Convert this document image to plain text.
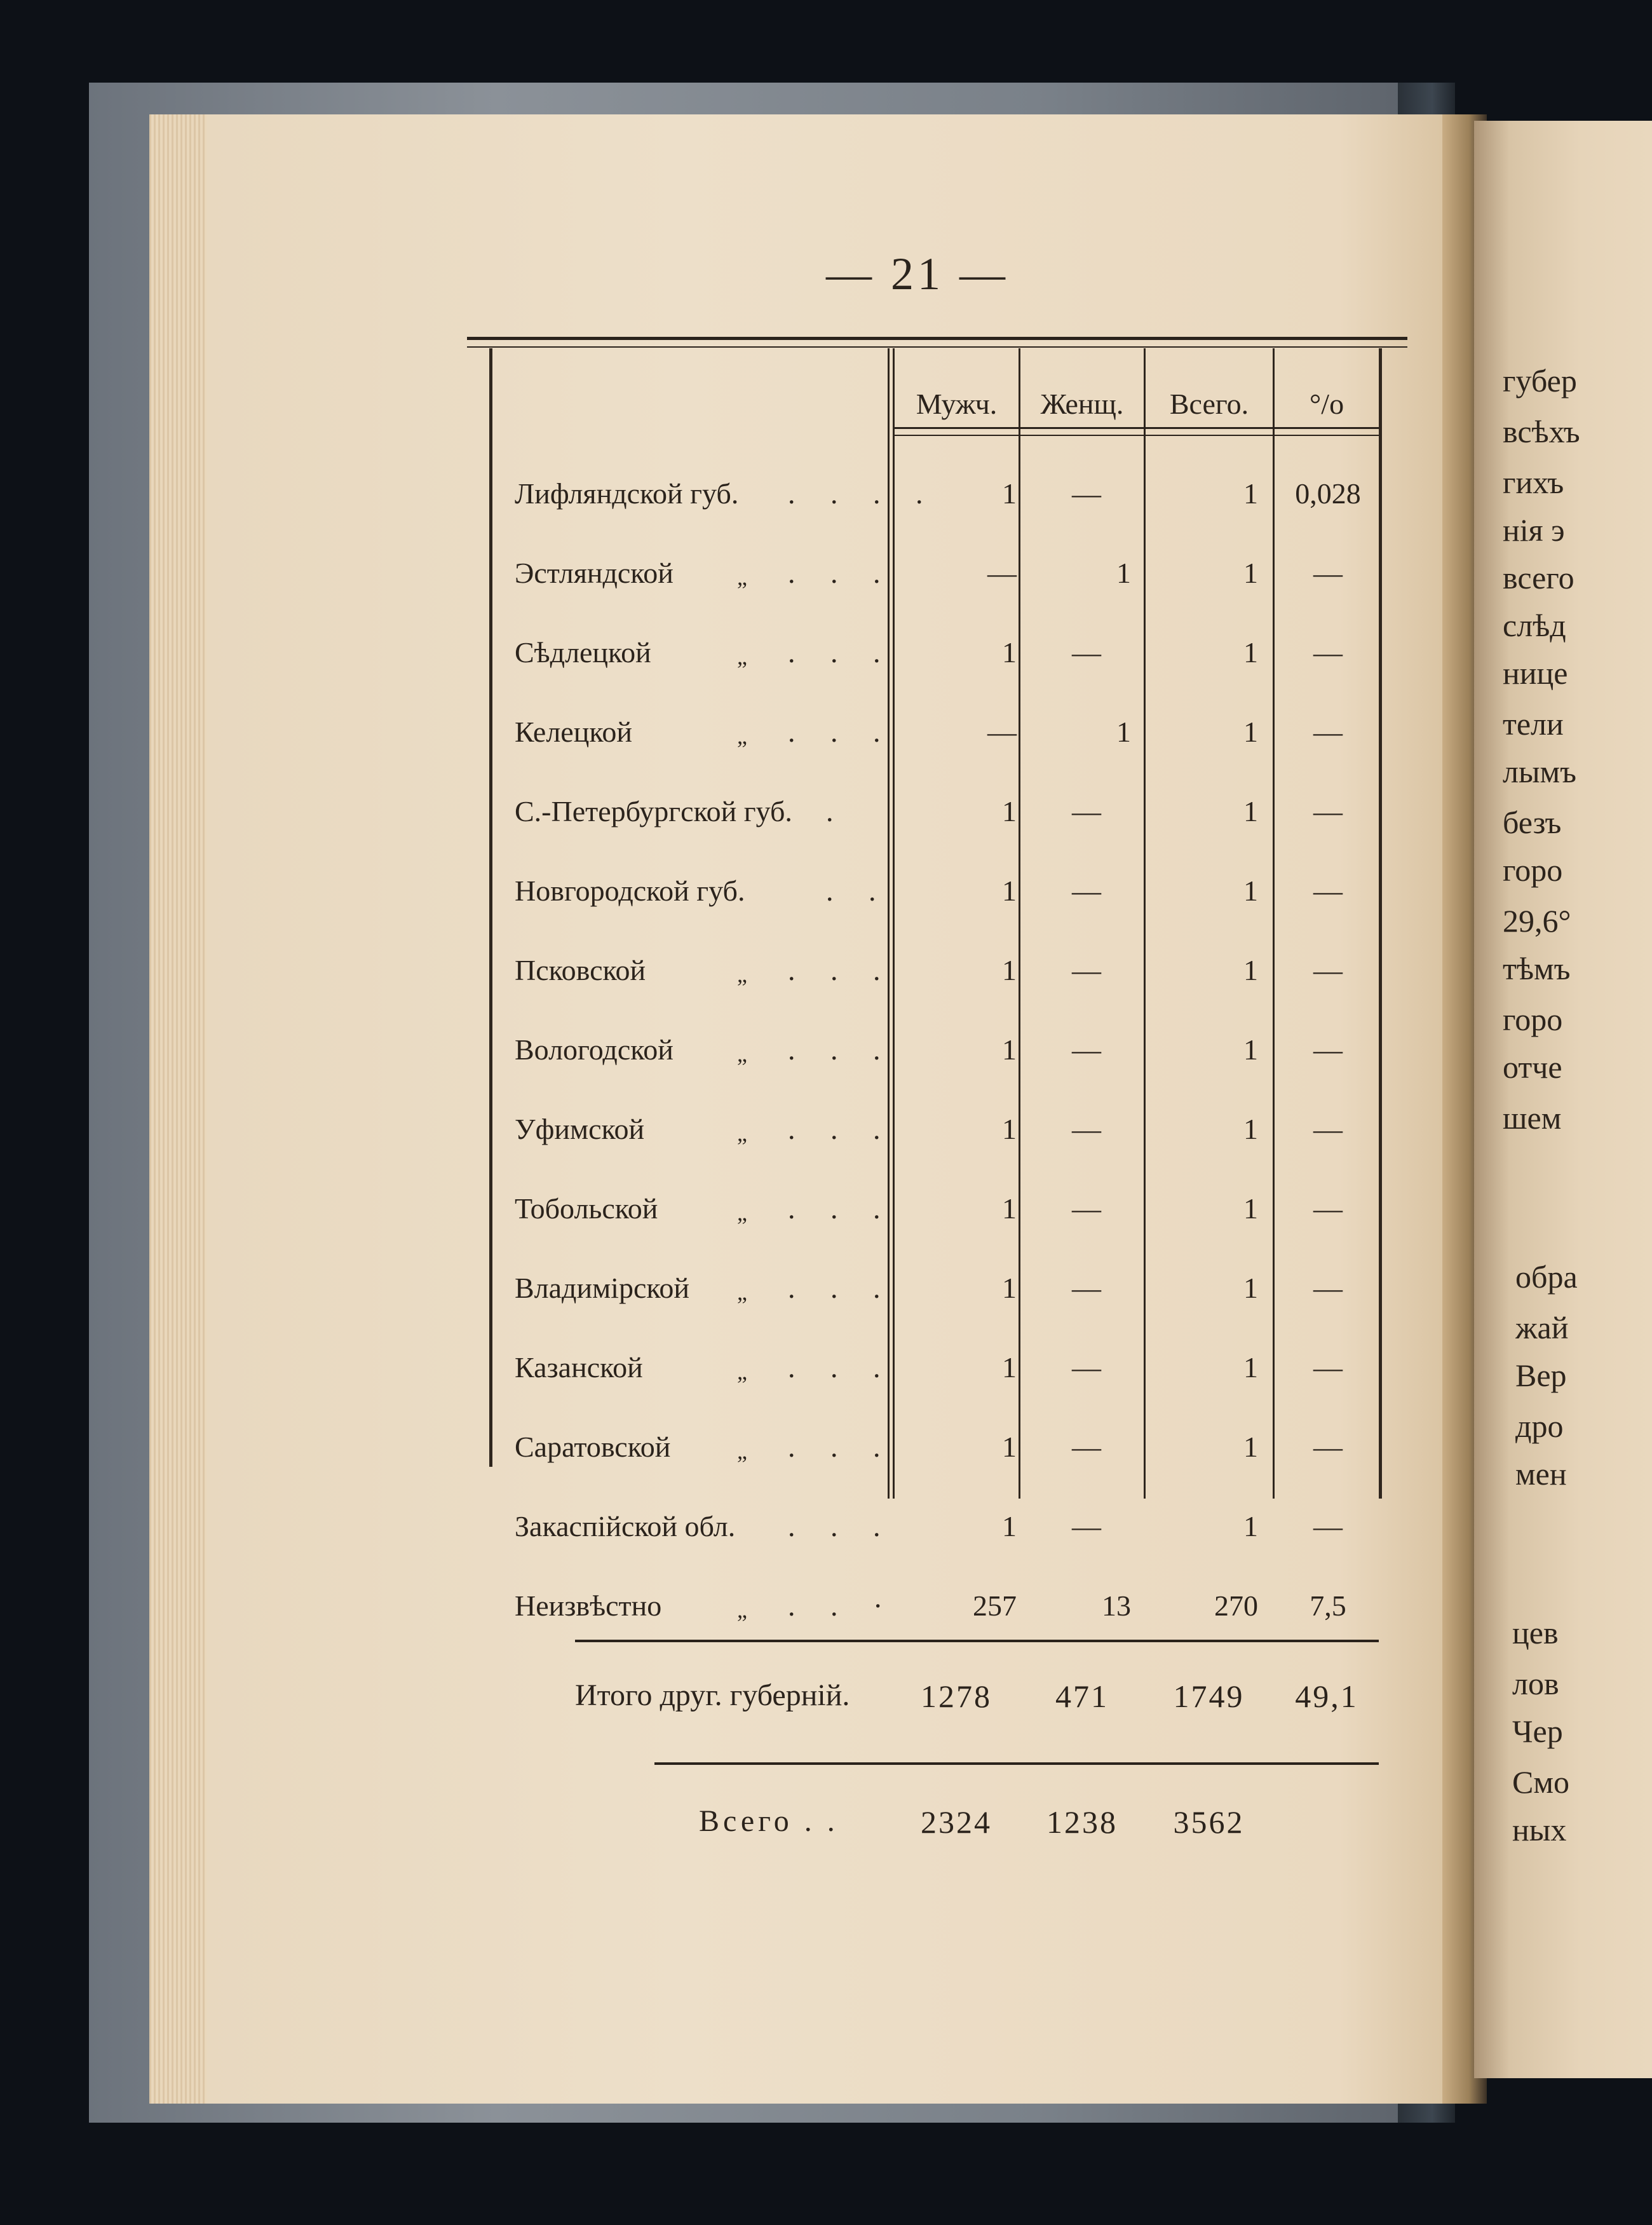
губер
всѣхъ
гихъ
нія э
всего
слѣд
нице
тели
лымъ
безъ
горо
29,6°
тѣмъ
горо
отче
шем
обра
жай
Вер
дро
мен
цев
лов
Чер
Смо
ных
— 21 —
Мужч.	Женщ.	Всего.	°/o
Лифляндской губ. . . . .	1	—	1	0,028
Эстляндской	„ . . .	—	1	1	—
Сѣдлецкой	„ . . .	1	—	1	—
Келецкой	„ . . .	—	1	1	—
С.-Петербургской губ. .	1	—	1	—
Новгородской губ.	. .	1	—	1	—
Псковской	„ . . .	1	—	1	—
Вологодской	„ . . .	1	—	1	—
Уфимской	„ . . .	1	—	1	—
Тобольской	„ . . .	1	—	1	—
Владимірской „ . . .	1	—	1	—
Казанской	„ . . .	1	—	1	—
Саратовской	„ . . .	1	—	1	—
Закаспійской обл. . . .	1	—	1	—
Неизвѣстно	„ . . ·	257	13	270	7,5
Итого друг. губерній.	1278	471	1749	49,1
Всего . .	2324	1238	3562
